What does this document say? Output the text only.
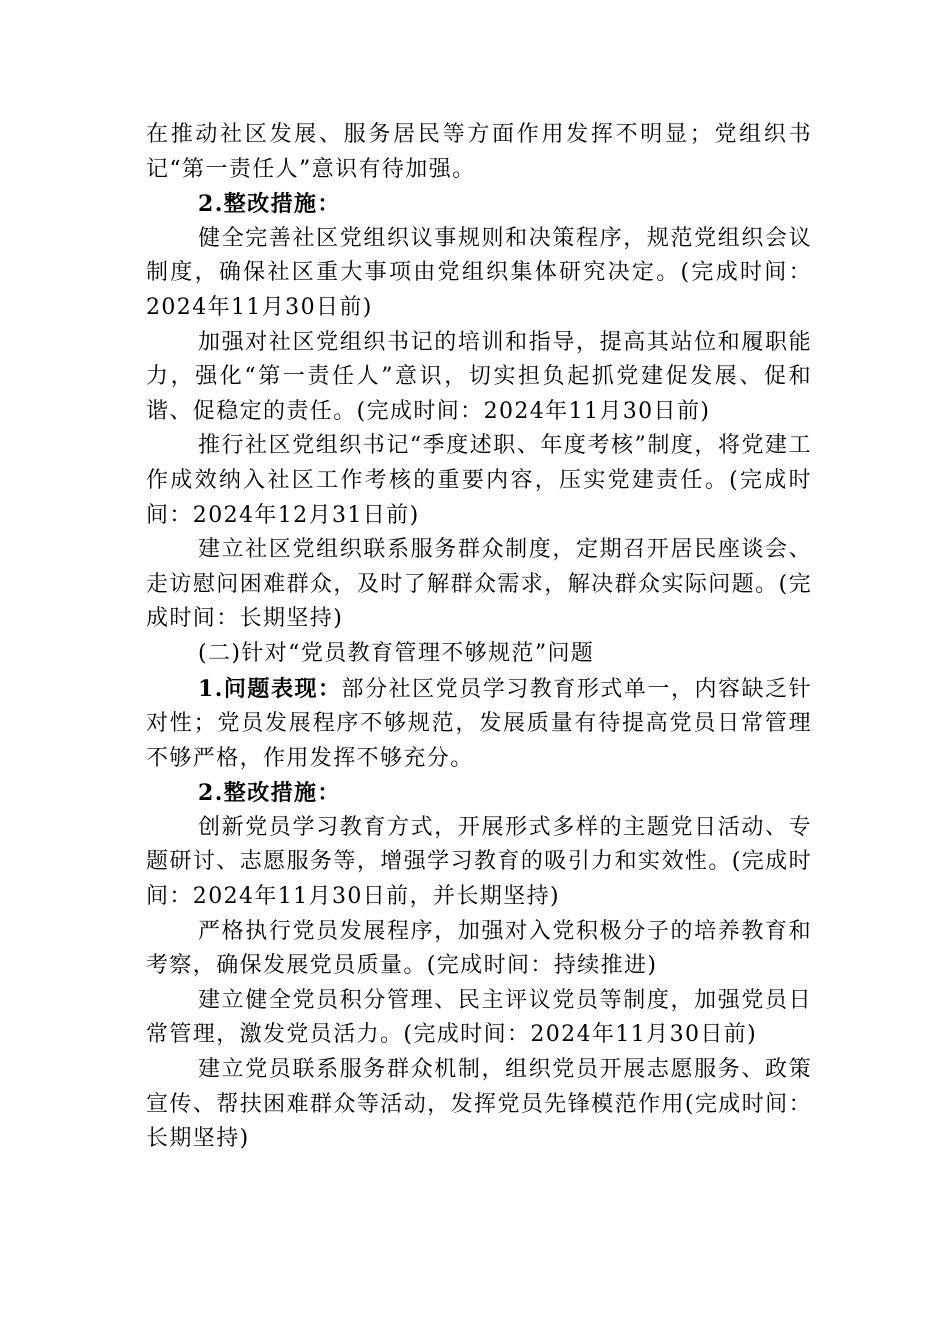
在推动社区发展、服务居民等方面作用发挥不明显；党组织书记“第一责任人”意识有待加强。

2.整改措施：

健全完善社区党组织议事规则和决策程序，规范党组织会议制度，确保社区重大事项由党组织集体研究决定。(完成时间：2024年11月30日前)

加强对社区党组织书记的培训和指导，提高其站位和履职能力，强化“第一责任人”意识，切实担负起抓党建促发展、促和谐、促稳定的责任。(完成时间：2024年11月30日前)

推行社区党组织书记“季度述职、年度考核”制度，将党建工作成效纳入社区工作考核的重要内容，压实党建责任。(完成时间：2024年12月31日前)

建立社区党组织联系服务群众制度，定期召开居民座谈会、走访慰问困难群众，及时了解群众需求，解决群众实际问题。(完成时间：长期坚持)

(二)针对“党员教育管理不够规范”问题

1.问题表现：部分社区党员学习教育形式单一，内容缺乏针对性；党员发展程序不够规范，发展质量有待提高党员日常管理不够严格，作用发挥不够充分。

2.整改措施：

创新党员学习教育方式，开展形式多样的主题党日活动、专题研讨、志愿服务等，增强学习教育的吸引力和实效性。(完成时间：2024年11月30日前，并长期坚持)

严格执行党员发展程序，加强对入党积极分子的培养教育和考察，确保发展党员质量。(完成时间：持续推进)

建立健全党员积分管理、民主评议党员等制度，加强党员日常管理，激发党员活力。(完成时间：2024年11月30日前)

建立党员联系服务群众机制，组织党员开展志愿服务、政策宣传、帮扶困难群众等活动，发挥党员先锋模范作用(完成时间：长期坚持)
